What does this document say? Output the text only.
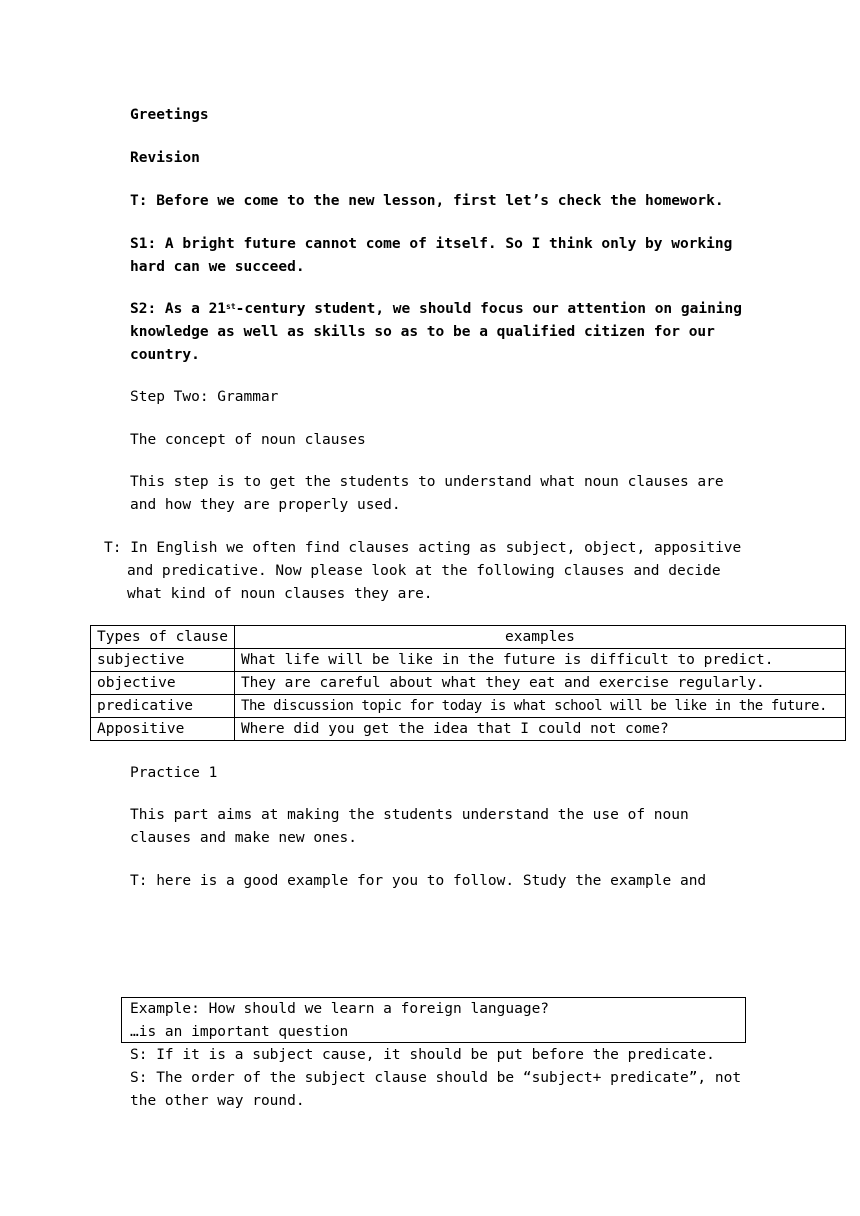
Greetings

Revision

T: Before we come to the new lesson, first let’s check the homework.

S1: A bright future cannot come of itself. So I think only by working hard can we succeed.

S2: As a 21st-century student, we should focus our attention on gaining knowledge as well as skills so as to be a qualified citizen for our country.

Step Two: Grammar

The concept of noun clauses

This step is to get the students to understand what noun clauses are and how they are properly used.

T: In English we often find clauses acting as subject, object, appositive
and predicative. Now please look at the following clauses and decide what kind of noun clauses they are.
Types of clause	examples
subjective	What life will be like in the future is difficult to predict.
objective	They are careful about what they eat and exercise regularly.
predicative	The discussion topic for today is what school will be like in the future.
Appositive	Where did you get the idea that I could not come?

Practice 1

This part aims at making the students understand the use of noun clauses and make new ones.

T: here is a good example for you to follow. Study the example and

Example: How should we learn a foreign language?
…is an important question

S: If it is a subject cause, it should be put before the predicate.

S: The order of the subject clause should be “subject+ predicate”, not the other way round.
